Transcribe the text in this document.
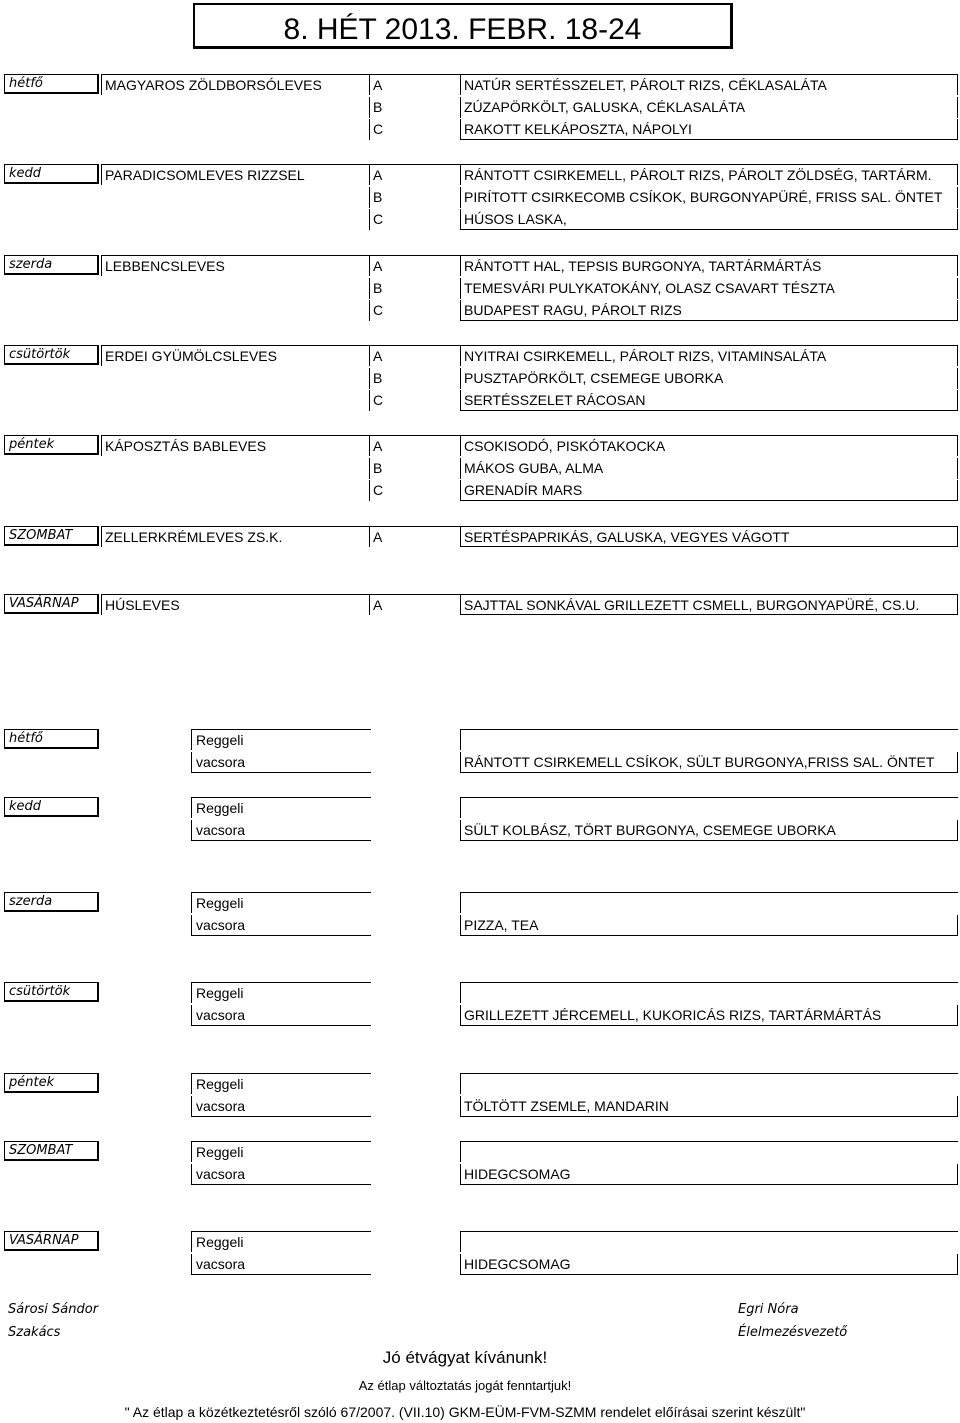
8. HÉT 2013. FEBR. 18-24
hétfő	MAGYAROS ZÖLDBORSÓLEVES	A	NATÚR SERTÉSSZELET, PÁROLT RIZS, CÉKLASALÁTA
B	ZÚZAPÖRKÖLT, GALUSKA, CÉKLASALÁTA
C	RAKOTT KELKÁPOSZTA, NÁPOLYI
kedd	PARADICSOMLEVES RIZZSEL	A	RÁNTOTT CSIRKEMELL, PÁROLT RIZS, PÁROLT ZÖLDSÉG, TARTÁRM.
B	PIRÍTOTT CSIRKECOMB CSÍKOK, BURGONYAPÜRÉ, FRISS SAL. ÖNTET
C	HÚSOS LASKA,
szerda	LEBBENCSLEVES	A	RÁNTOTT HAL, TEPSIS BURGONYA, TARTÁRMÁRTÁS
B	TEMESVÁRI PULYKATOKÁNY, OLASZ CSAVART TÉSZTA
C	BUDAPEST RAGU, PÁROLT RIZS
csütörtök	ERDEI GYÜMÖLCSLEVES	A	NYITRAI CSIRKEMELL, PÁROLT RIZS, VITAMINSALÁTA
B	PUSZTAPÖRKÖLT, CSEMEGE UBORKA
C	SERTÉSSZELET RÁCOSAN
péntek	KÁPOSZTÁS BABLEVES	A	CSOKISODÓ, PISKÓTAKOCKA
B	MÁKOS GUBA, ALMA
C	GRENADÍR MARS
SZOMBAT	ZELLERKRÉMLEVES ZS.K.	A	SERTÉSPAPRIKÁS, GALUSKA, VEGYES VÁGOTT
VASÁRNAP	HÚSLEVES	A	SAJTTAL SONKÁVAL GRILLEZETT CSMELL, BURGONYAPÜRÉ, CS.U.
hétfő	Reggeli
vacsora	RÁNTOTT CSIRKEMELL CSÍKOK, SÜLT BURGONYA,FRISS SAL. ÖNTET
kedd	Reggeli
vacsora	SÜLT KOLBÁSZ, TÖRT BURGONYA, CSEMEGE UBORKA
szerda	Reggeli
vacsora	PIZZA, TEA
csütörtök	Reggeli
vacsora	GRILLEZETT JÉRCEMELL, KUKORICÁS RIZS, TARTÁRMÁRTÁS
péntek	Reggeli
vacsora	TÖLTÖTT ZSEMLE, MANDARIN
SZOMBAT	Reggeli
vacsora	HIDEGCSOMAG
VASÁRNAP	Reggeli
vacsora	HIDEGCSOMAG
Sárosi Sándor
Szakács
Egri Nóra
Élelmezésvezető
Jó étvágyat kívánunk!
Az étlap változtatás jogát fenntartjuk!
" Az étlap a közétkeztetésről szóló 67/2007. (VII.10) GKM-EÜM-FVM-SZMM rendelet előírásai szerint készült"
